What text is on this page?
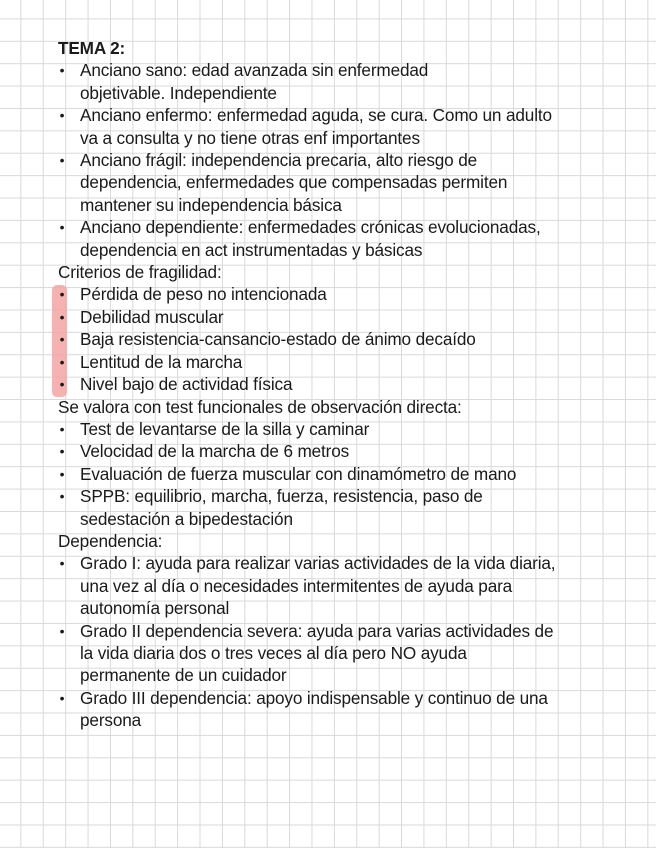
TEMA 2:

• Anciano sano: edad avanzada sin enfermedad objetivable. Independiente
• Anciano enfermo: enfermedad aguda, se cura. Como un adulto va a consulta y no tiene otras enf importantes
• Anciano frágil: independencia precaria, alto riesgo de dependencia, enfermedades que compensadas permiten mantener su independencia básica
• Anciano dependiente: enfermedades crónicas evolucionadas, dependencia en act instrumentadas y básicas

Criterios de fragilidad:

• Pérdida de peso no intencionada
• Debilidad muscular
• Baja resistencia-cansancio-estado de ánimo decaído
• Lentitud de la marcha
• Nivel bajo de actividad física

Se valora con test funcionales de observación directa:

• Test de levantarse de la silla y caminar
• Velocidad de la marcha de 6 metros
• Evaluación de fuerza muscular con dinamómetro de mano
• SPPB: equilibrio, marcha, fuerza, resistencia, paso de sedestación a bipedestación

Dependencia:

• Grado I: ayuda para realizar varias actividades de la vida diaria, una vez al día o necesidades intermitentes de ayuda para autonomía personal
• Grado II dependencia severa: ayuda para varias actividades de la vida diaria dos o tres veces al día pero NO ayuda permanente de un cuidador
• Grado III dependencia: apoyo indispensable y continuo de una persona
